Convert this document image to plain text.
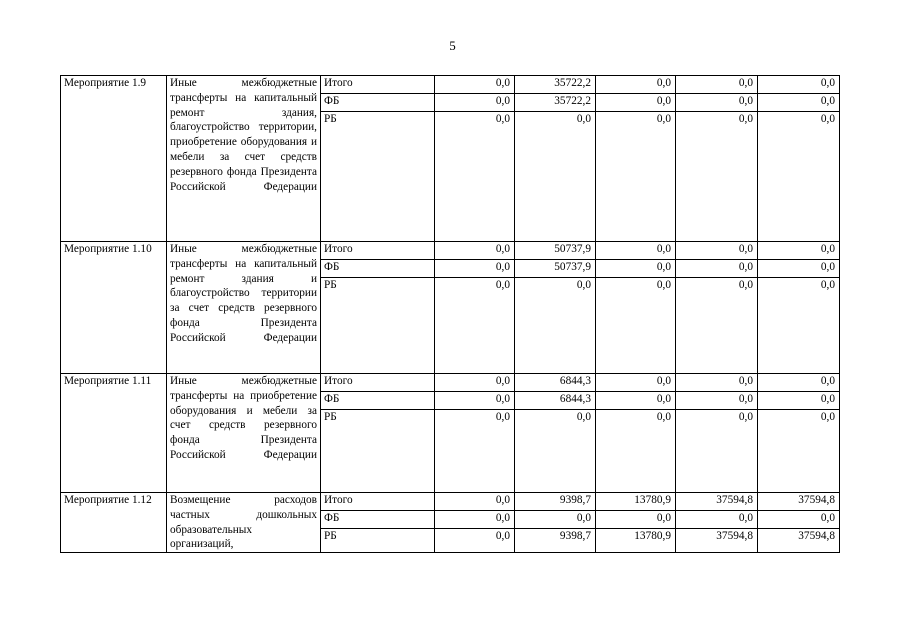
5
Мероприятие 1.9	Иные межбюджетные трансферты на капитальный ремонт здания, благоустройство территории, приобретение оборудования и мебели за счет средств резервного фонда Президента Российской Федерации	Итого	0,0	35722,2	0,0	0,0	0,0
		ФБ	0,0	35722,2	0,0	0,0	0,0
		РБ	0,0	0,0	0,0	0,0	0,0
Мероприятие 1.10	Иные межбюджетные трансферты на капитальный ремонт здания и благоустройство территории за счет средств резервного фонда Президента Российской Федерации	Итого	0,0	50737,9	0,0	0,0	0,0
		ФБ	0,0	50737,9	0,0	0,0	0,0
		РБ	0,0	0,0	0,0	0,0	0,0
Мероприятие 1.11	Иные межбюджетные трансферты на приобретение оборудования и мебели за счет средств резервного фонда Президента Российской Федерации	Итого	0,0	6844,3	0,0	0,0	0,0
		ФБ	0,0	6844,3	0,0	0,0	0,0
		РБ	0,0	0,0	0,0	0,0	0,0
Мероприятие 1.12	Возмещение расходов частных дошкольных образовательных организаций,	Итого	0,0	9398,7	13780,9	37594,8	37594,8
		ФБ	0,0	0,0	0,0	0,0	0,0
		РБ	0,0	9398,7	13780,9	37594,8	37594,8
